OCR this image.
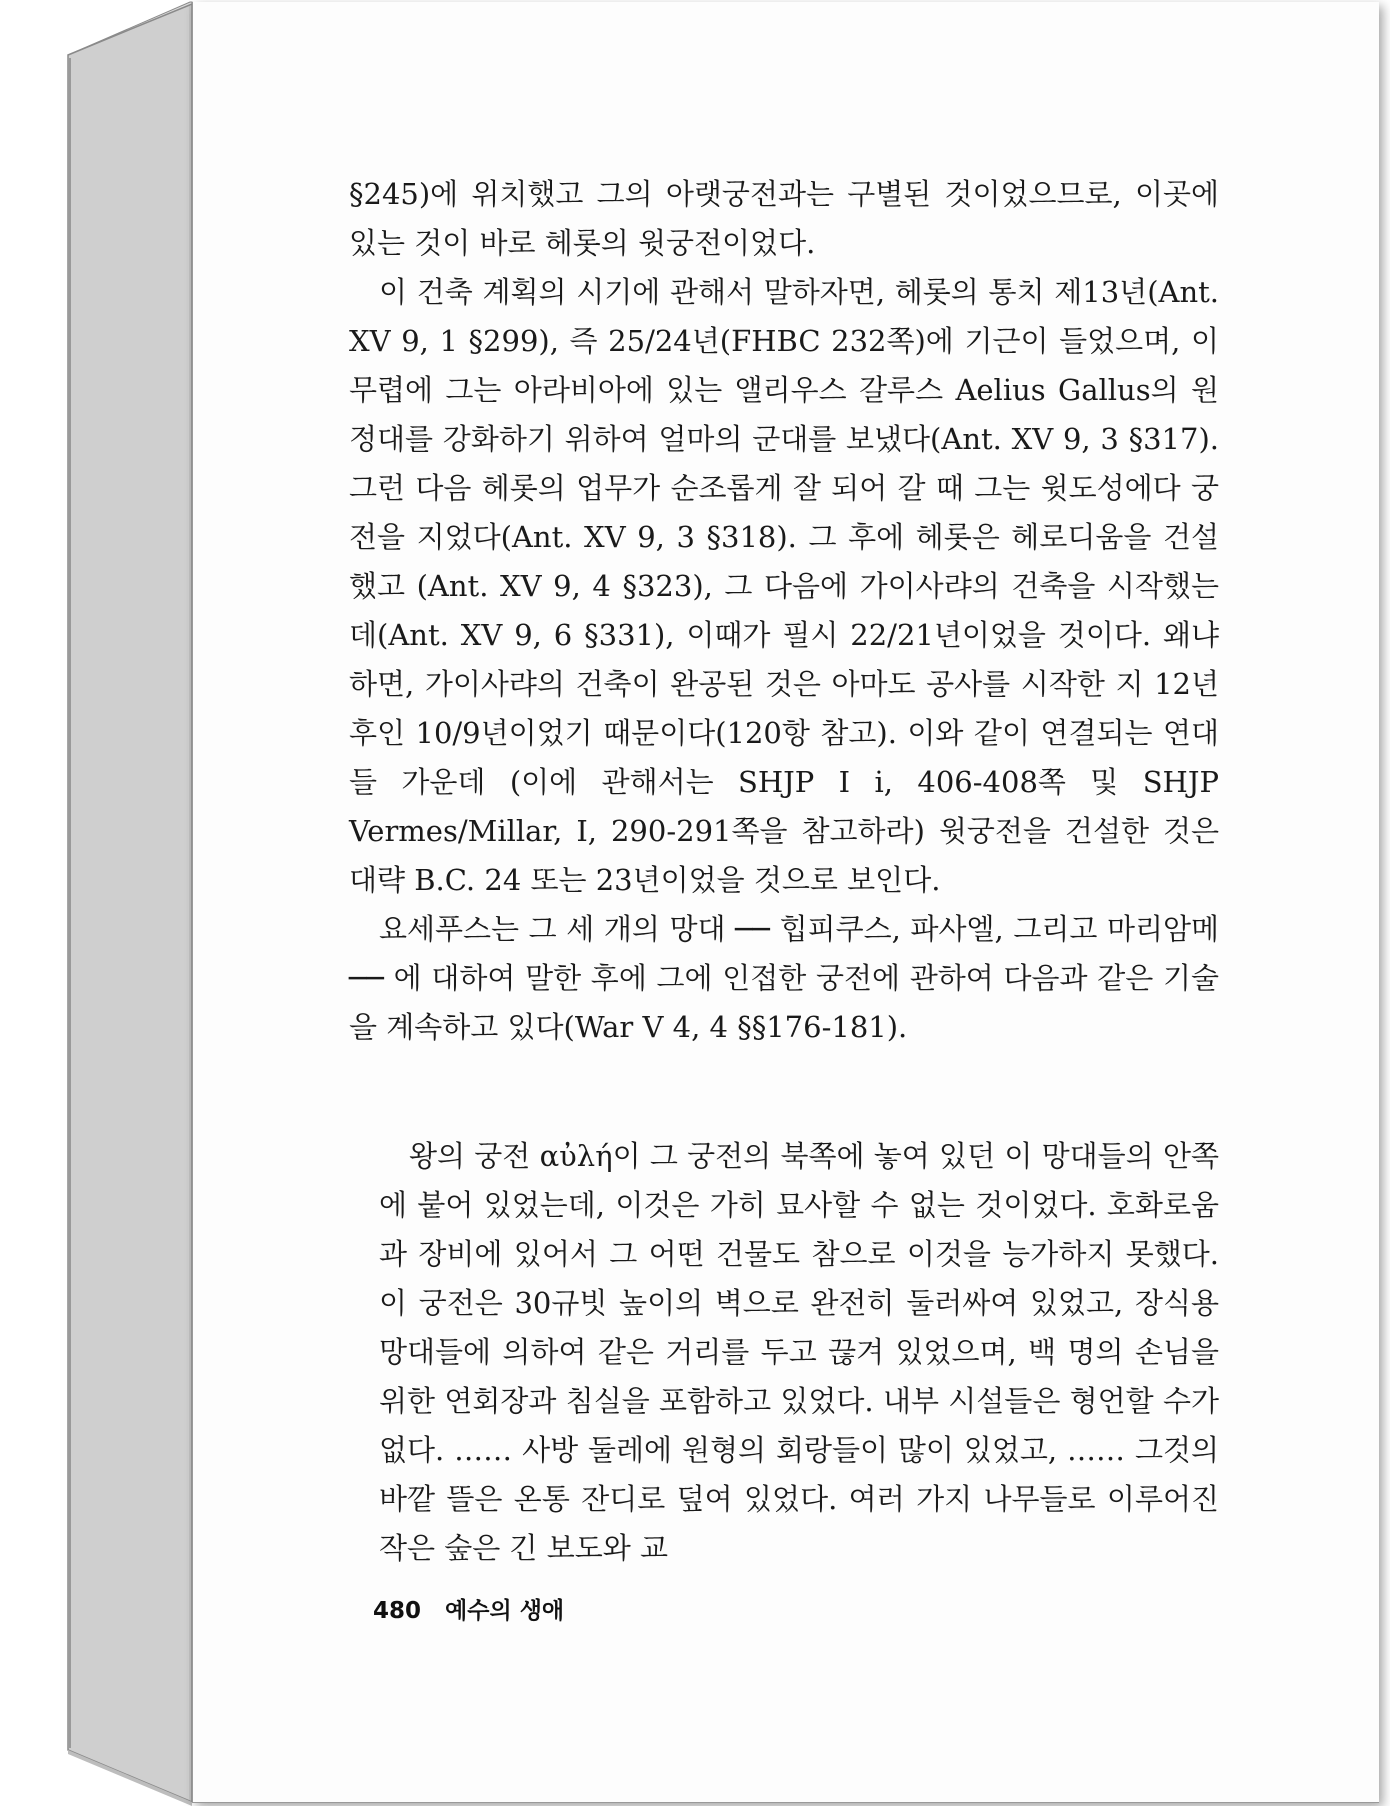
§245)에 위치했고 그의 아랫궁전과는 구별된 것이었으므로, 이곳에 있는 것이 바로 헤롯의 윗궁전이었다.

이 건축 계획의 시기에 관해서 말하자면, 헤롯의 통치 제13년(Ant. XV 9, 1 §299), 즉 25/24년(FHBC 232쪽)에 기근이 들었으며, 이 무렵에 그는 아라비아에 있는 앨리우스 갈루스 Aelius Gallus의 원정대를 강화하기 위하여 얼마의 군대를 보냈다(Ant. XV 9, 3 §317). 그런 다음 헤롯의 업무가 순조롭게 잘 되어 갈 때 그는 윗도성에다 궁전을 지었다(Ant. XV 9, 3 §318). 그 후에 헤롯은 헤로디움을 건설했고 (Ant. XV 9, 4 §323), 그 다음에 가이사랴의 건축을 시작했는데(Ant. XV 9, 6 §331), 이때가 필시 22/21년이었을 것이다. 왜냐하면, 가이사랴의 건축이 완공된 것은 아마도 공사를 시작한 지 12년 후인 10/9년이었기 때문이다(120항 참고). 이와 같이 연결되는 연대들 가운데 (이에 관해서는 SHJP I i, 406-408쪽 및 SHJP Vermes/Millar, I, 290-291쪽을 참고하라) 윗궁전을 건설한 것은 대략 B.C. 24 또는 23년이었을 것으로 보인다.

요세푸스는 그 세 개의 망대 ── 힙피쿠스, 파사엘, 그리고 마리암메 ── 에 대하여 말한 후에 그에 인접한 궁전에 관하여 다음과 같은 기술을 계속하고 있다(War V 4, 4 §§176-181).

왕의 궁전 αὐλή이 그 궁전의 북쪽에 놓여 있던 이 망대들의 안쪽에 붙어 있었는데, 이것은 가히 묘사할 수 없는 것이었다. 호화로움과 장비에 있어서 그 어떤 건물도 참으로 이것을 능가하지 못했다. 이 궁전은 30규빗 높이의 벽으로 완전히 둘러싸여 있었고, 장식용 망대들에 의하여 같은 거리를 두고 끊겨 있었으며, 백 명의 손님을 위한 연회장과 침실을 포함하고 있었다. 내부 시설들은 형언할 수가 없다. …… 사방 둘레에 원형의 회랑들이 많이 있었고, …… 그것의 바깥 뜰은 온통 잔디로 덮여 있었다. 여러 가지 나무들로 이루어진 작은 숲은 긴 보도와 교

480 예수의 생애
